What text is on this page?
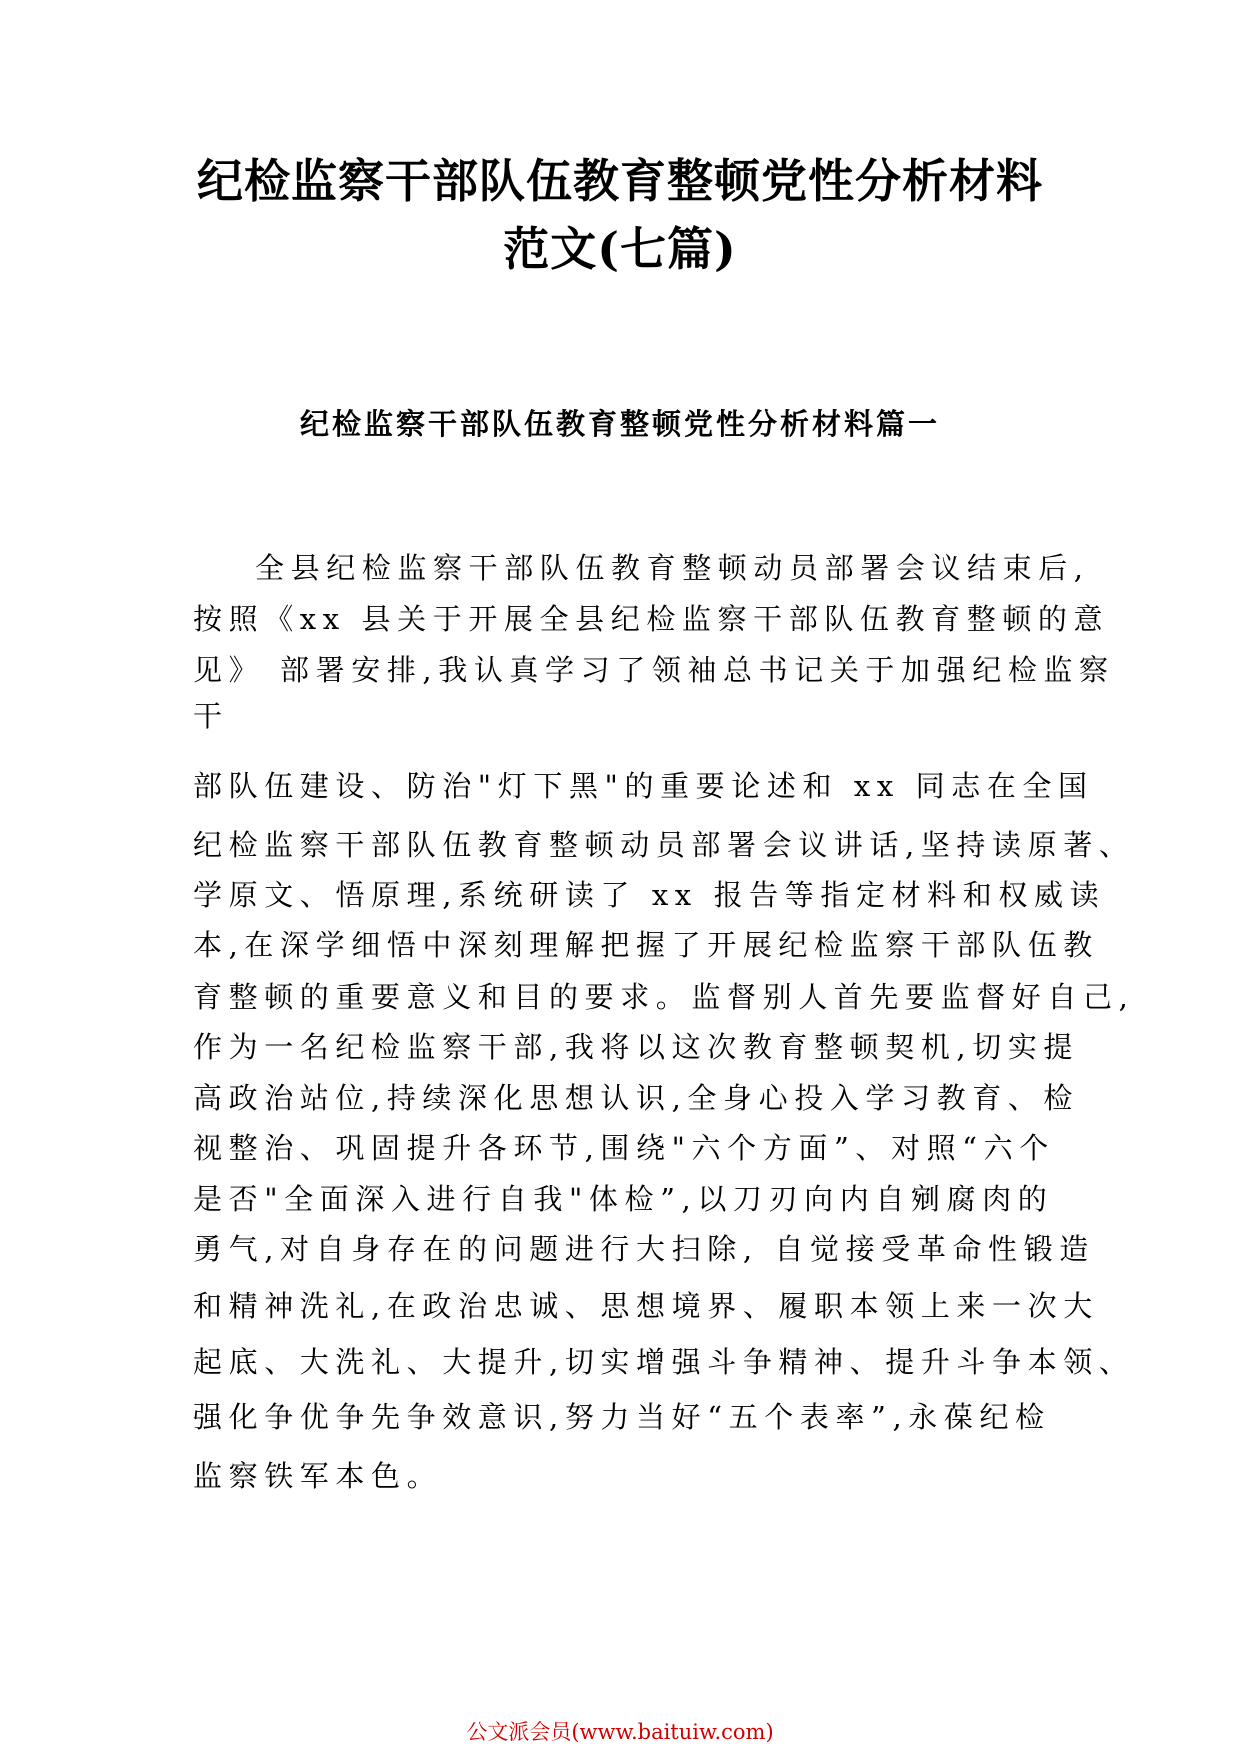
纪检监察干部队伍教育整顿党性分析材料
范文(七篇)
纪检监察干部队伍教育整顿党性分析材料篇一
全县纪检监察干部队伍教育整顿动员部署会议结束后,
按照《xx 县关于开展全县纪检监察干部队伍教育整顿的意
见》 部署安排,我认真学习了领袖总书记关于加强纪检监察
干
部队伍建设、防治"灯下黑"的重要论述和 xx 同志在全国
纪检监察干部队伍教育整顿动员部署会议讲话,坚持读原著、
学原文、悟原理,系统研读了 xx 报告等指定材料和权威读
本,在深学细悟中深刻理解把握了开展纪检监察干部队伍教
育整顿的重要意义和目的要求。监督别人首先要监督好自己,
作为一名纪检监察干部,我将以这次教育整顿契机,切实提
高政治站位,持续深化思想认识,全身心投入学习教育、检
视整治、巩固提升各环节,围绕"六个方面”、对照“六个
是否"全面深入进行自我"体检”,以刀刃向内自剜腐肉的
勇气,对自身存在的问题进行大扫除, 自觉接受革命性锻造
和精神洗礼,在政治忠诚、思想境界、履职本领上来一次大
起底、大洗礼、大提升,切实增强斗争精神、提升斗争本领、
强化争优争先争效意识,努力当好“五个表率”,永葆纪检
监察铁军本色。
公文派会员(www.baituiw.com)
